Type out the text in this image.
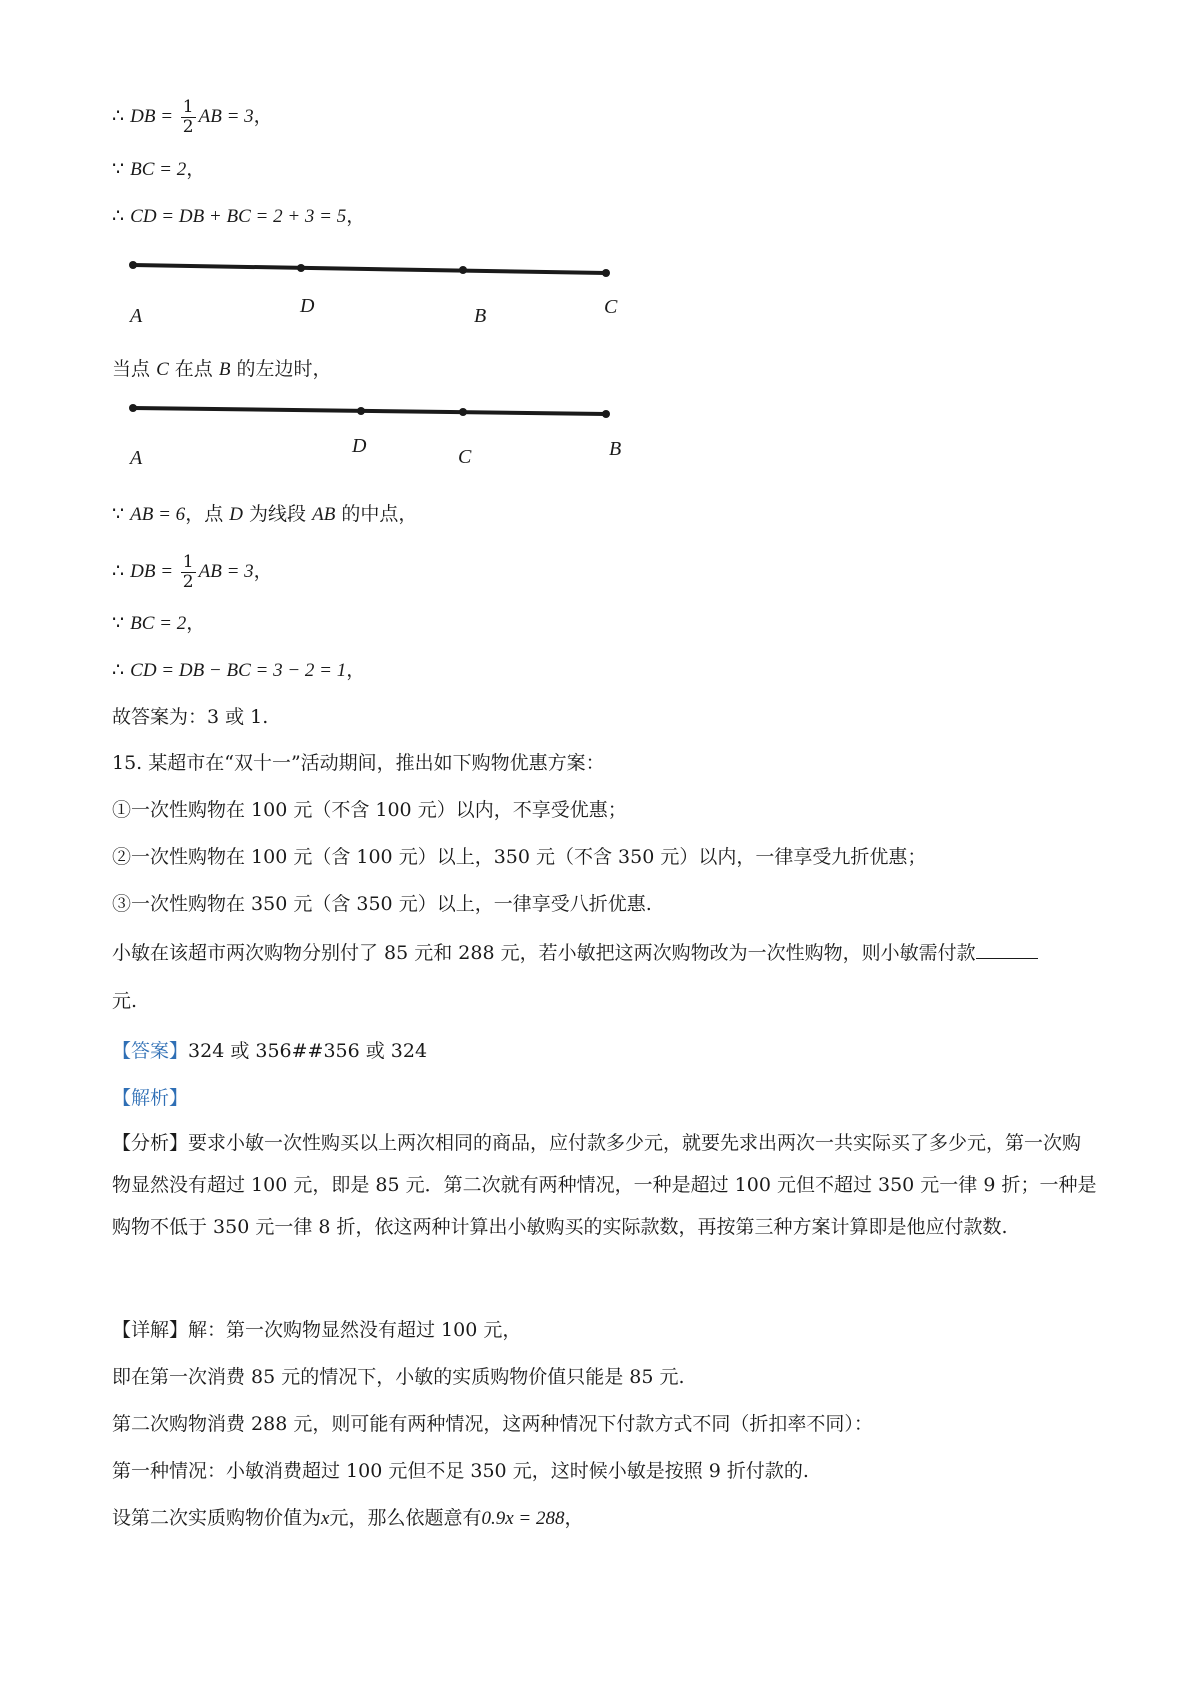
∴ DB = $\frac{1}{2}$ AB = 3，
∵ BC = 2，
∴ CD = DB + BC = 2 + 3 = 5，
A	D	B	C
A
D	C	B
当点 C 在点 B 的左边时，
∵ AB = 6，点 D 为线段 AB 的中点，
∴ DB = $\frac{1}{2}$ AB = 3，
∵ BC = 2，
∴ CD = DB − BC = 3 − 2 = 1，
故答案为：3 或 1.
15. 某超市在“双十一”活动期间，推出如下购物优惠方案：
①一次性购物在 100 元（不含 100 元）以内，不享受优惠；
②一次性购物在 100 元（含 100 元）以上，350 元（不含 350 元）以内，一律享受九折优惠；
③一次性购物在 350 元（含 350 元）以上，一律享受八折优惠.
小敏在该超市两次购物分别付了 85 元和 288 元，若小敏把这两次购物改为一次性购物，则小敏需付款
元.
【答案】324 或 356##356 或 324
【解析】
【分析】要求小敏一次性购买以上两次相同的商品，应付款多少元，就要先求出两次一共实际买了多少元，第一次购物显然没有超过 100 元，即是 85 元．第二次就有两种情况，一种是超过 100 元但不超过 350 元一律 9 折；一种是购物不低于 350 元一律 8 折，依这两种计算出小敏购买的实际款数，再按第三种方案计算即是他应付款数.
【详解】解：第一次购物显然没有超过 100 元，
即在第一次消费 85 元的情况下，小敏的实质购物价值只能是 85 元.
第二次购物消费 288 元，则可能有两种情况，这两种情况下付款方式不同（折扣率不同）：
第一种情况：小敏消费超过 100 元但不足 350 元，这时候小敏是按照 9 折付款的.
设第二次实质购物价值为x元，那么依题意有0.9x = 288，
